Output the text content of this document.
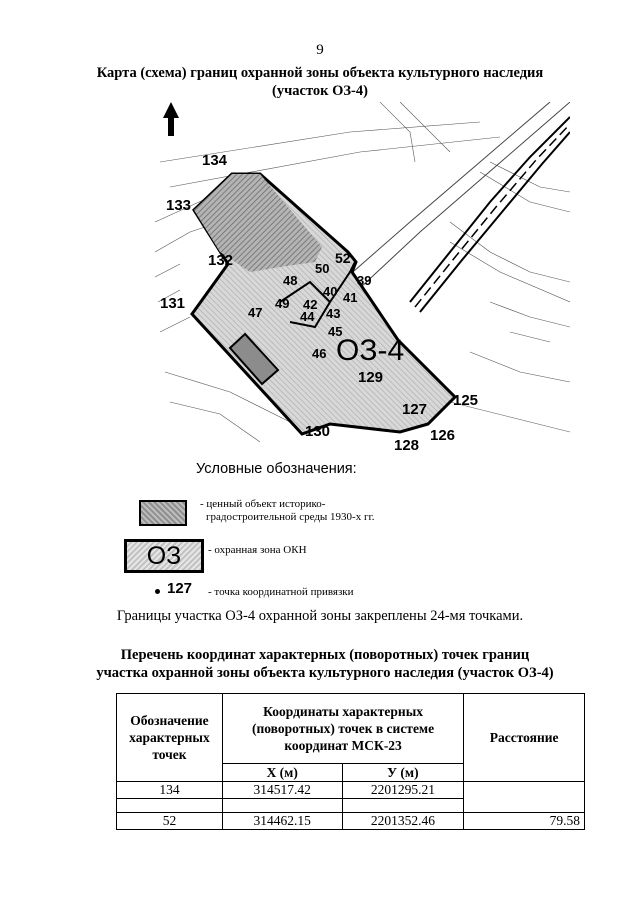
9
Карта (схема) границ охранной зоны объекта культурного наследия
(участок ОЗ-4)
ОЗ-4
134
133
132
131
130
128
126
125
127
129
52
50
48
49
47
46
45
44 43
42 41
40
39
Условные обозначения:
- ценный объект историко-
градостроительной среды 1930-х гг.
ОЗ	- охранная зона ОКН
127 - точка координатной привязки
Границы участка ОЗ-4 охранной зоны закреплены 24-мя точками.
Перечень координат характерных (поворотных) точек границ
участка охранной зоны объекта культурного наследия (участок ОЗ-4)
Обозначение характерных точек	Координаты характерных (поворотных) точек в системе координат МСК-23		Расстояние
	X (м)	У (м)	
134	314517.42	2201295.21	

52	314462.15	2201352.46	79.58
